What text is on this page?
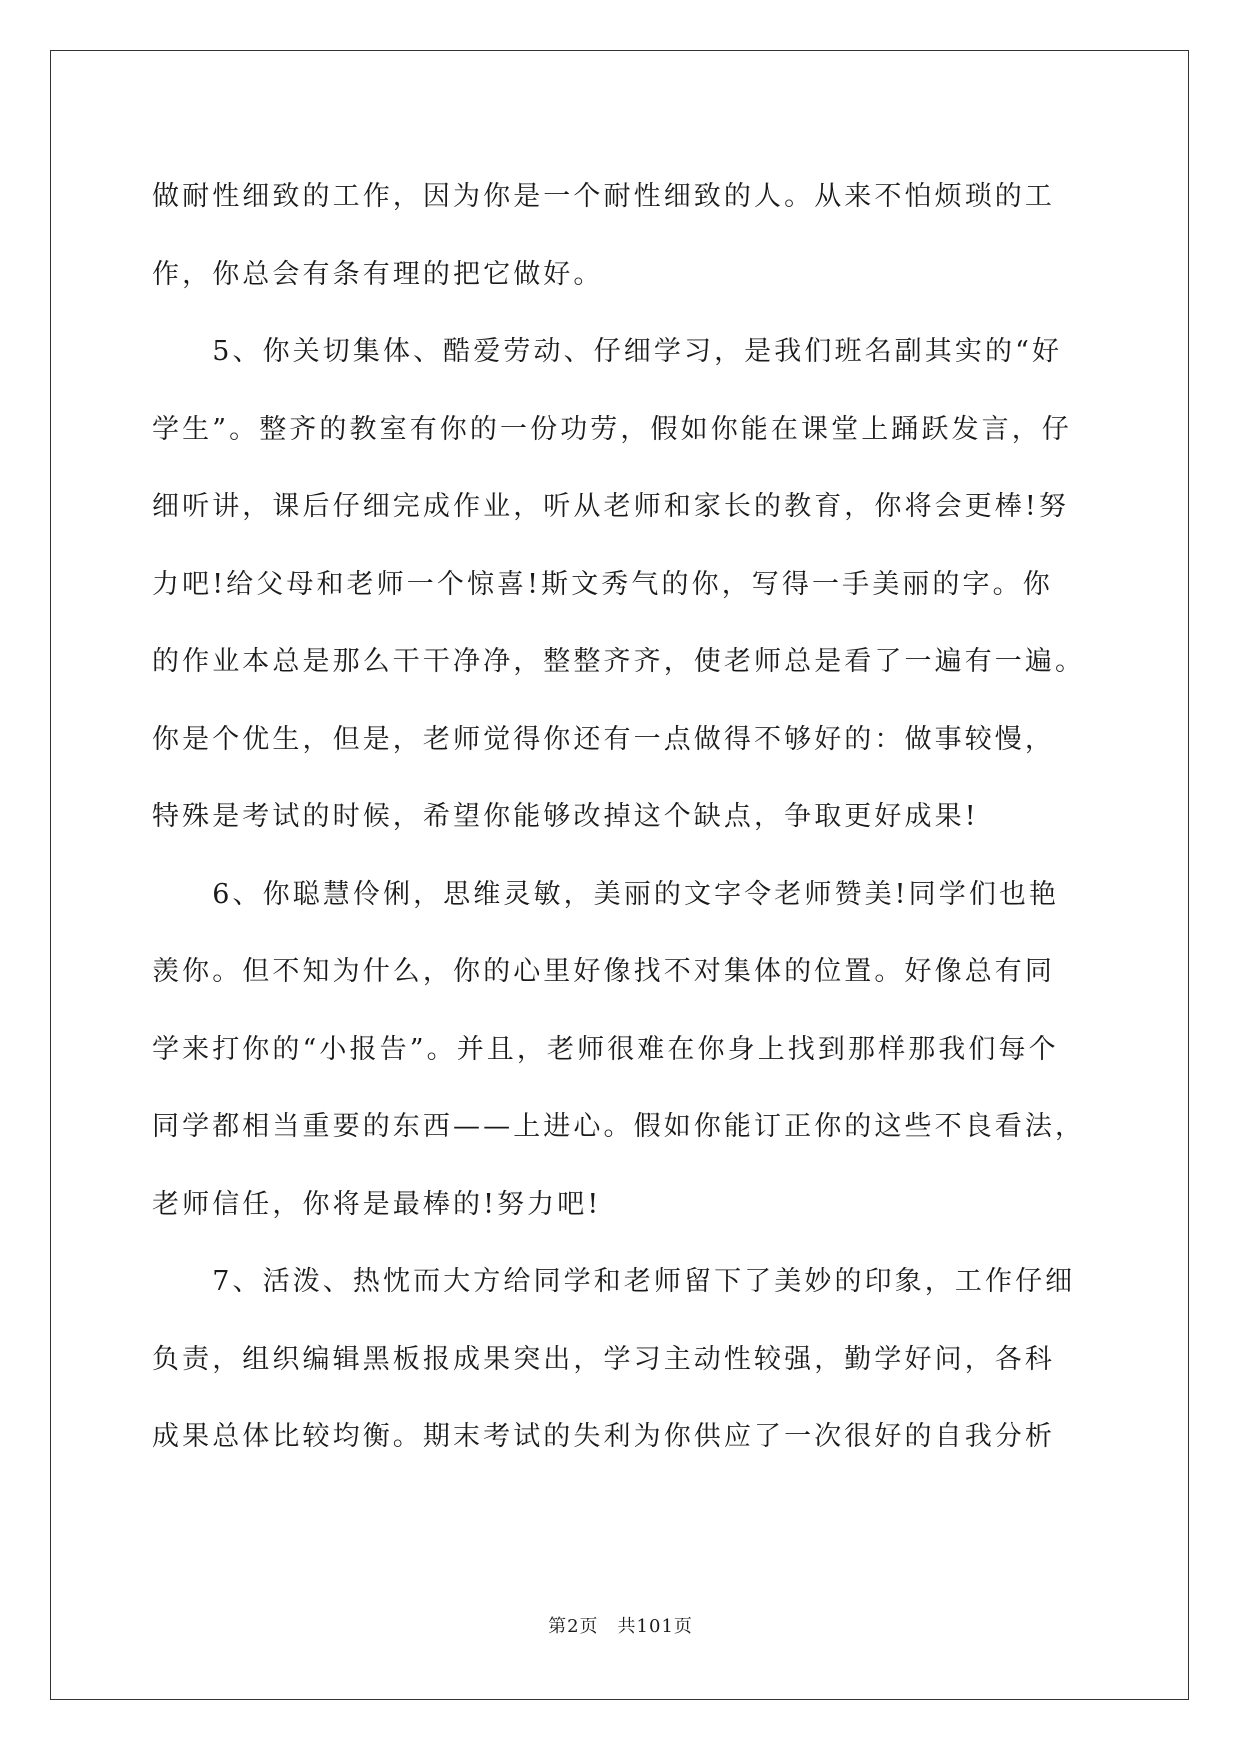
做耐性细致的工作，因为你是一个耐性细致的人。从来不怕烦琐的工
作，你总会有条有理的把它做好。
　　5、你关切集体、酷爱劳动、仔细学习，是我们班名副其实的“好
学生”。整齐的教室有你的一份功劳，假如你能在课堂上踊跃发言，仔
细听讲，课后仔细完成作业，听从老师和家长的教育，你将会更棒!努
力吧!给父母和老师一个惊喜!斯文秀气的你，写得一手美丽的字。你
的作业本总是那么干干净净，整整齐齐，使老师总是看了一遍有一遍。
你是个优生，但是，老师觉得你还有一点做得不够好的：做事较慢，
特殊是考试的时候，希望你能够改掉这个缺点，争取更好成果!
　　6、你聪慧伶俐，思维灵敏，美丽的文字令老师赞美!同学们也艳
羡你。但不知为什么，你的心里好像找不对集体的位置。好像总有同
学来打你的“小报告”。并且，老师很难在你身上找到那样那我们每个
同学都相当重要的东西——上进心。假如你能订正你的这些不良看法，
老师信任，你将是最棒的!努力吧!
　　7、活泼、热忱而大方给同学和老师留下了美妙的印象，工作仔细
负责，组织编辑黑板报成果突出，学习主动性较强，勤学好问，各科
成果总体比较均衡。期末考试的失利为你供应了一次很好的自我分析
第2页　共101页
